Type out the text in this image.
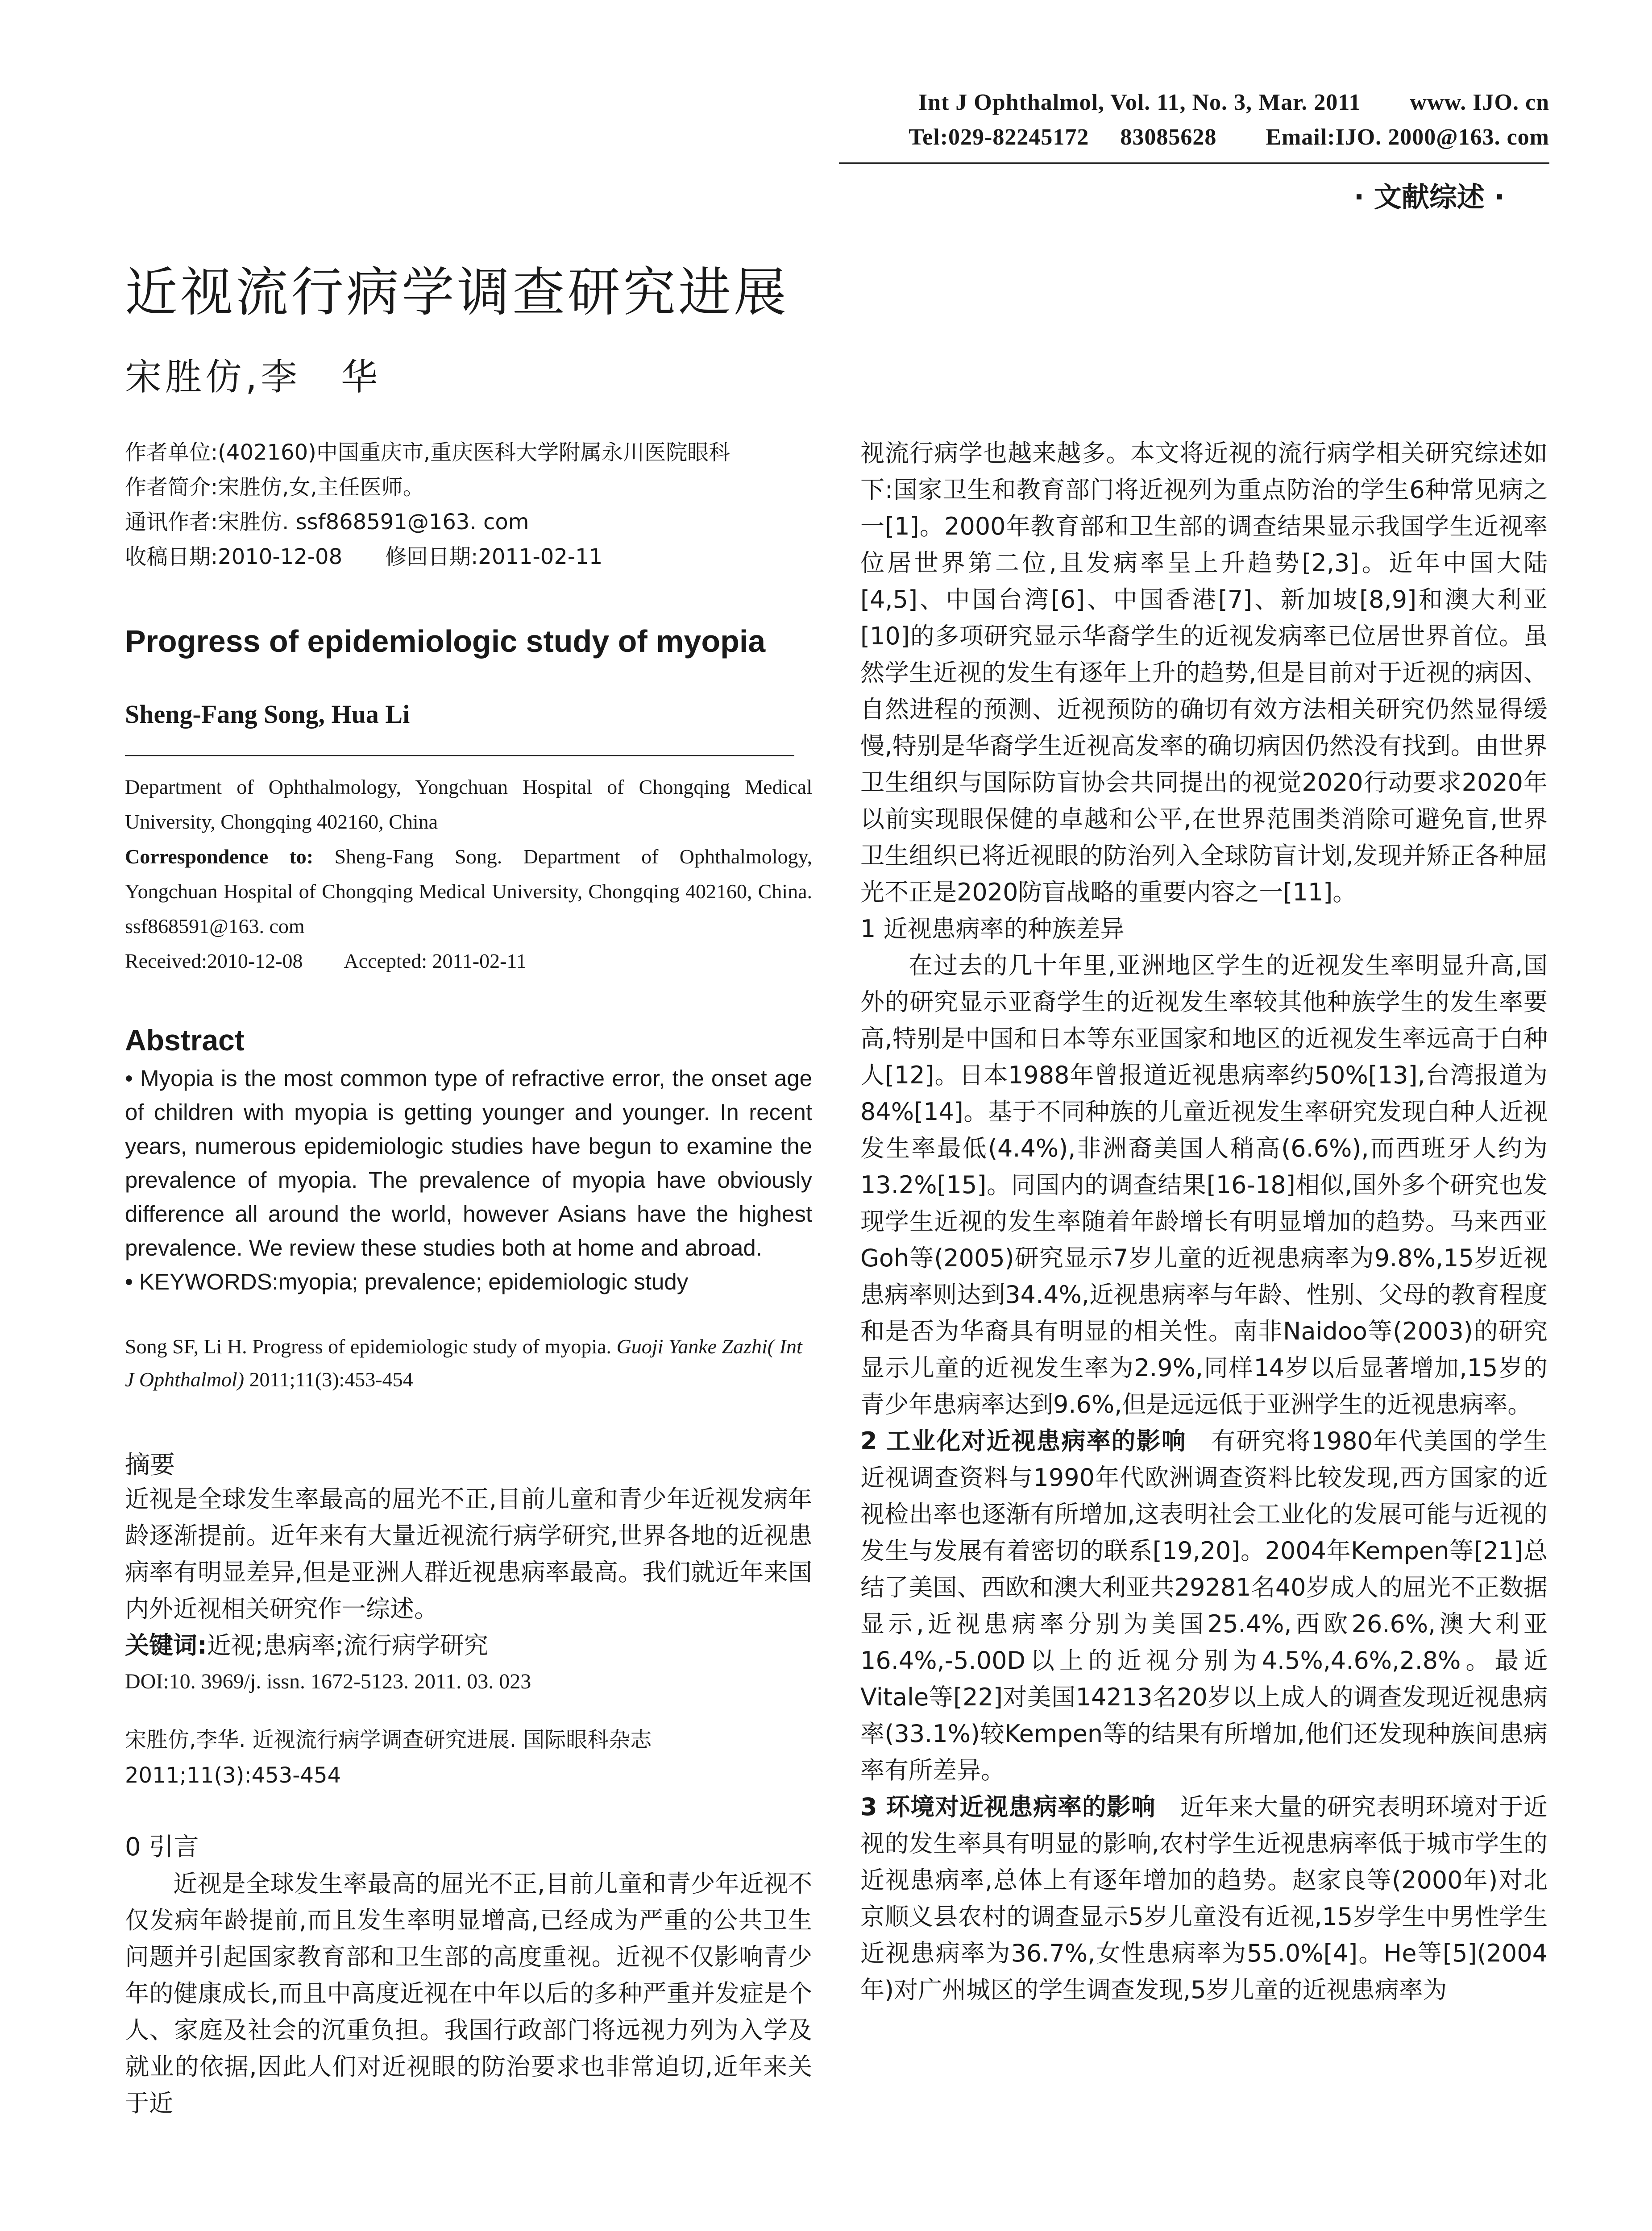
Int J Ophthalmol, Vol. 11, No. 3, Mar. 2011 www. IJO. cn
Tel:029-82245172 83085628 Email:IJO. 2000@163. com
· 文献综述 ·
近视流行病学调查研究进展
宋胜仿,李　华
作者单位:(402160)中国重庆市,重庆医科大学附属永川医院眼科
作者简介:宋胜仿,女,主任医师。
通讯作者:宋胜仿. ssf868591@163. com
收稿日期:2010-12-08　　修回日期:2011-02-11
Progress of epidemiologic study of myopia
Sheng-Fang Song, Hua Li
Department of Ophthalmology, Yongchuan Hospital of Chongqing Medical University, Chongqing 402160, China
Correspondence to: Sheng-Fang Song. Department of Ophthalmology, Yongchuan Hospital of Chongqing Medical University, Chongqing 402160, China. ssf868591@163. com
Received:2010-12-08　　Accepted: 2011-02-11
Abstract
• Myopia is the most common type of refractive error, the onset age of children with myopia is getting younger and younger. In recent years, numerous epidemiologic studies have begun to examine the prevalence of myopia. The prevalence of myopia have obviously difference all around the world, however Asians have the highest prevalence. We review these studies both at home and abroad.
• KEYWORDS:myopia; prevalence; epidemiologic study
Song SF, Li H. Progress of epidemiologic study of myopia. Guoji Yanke Zazhi( Int J Ophthalmol) 2011;11(3):453-454
摘要

近视是全球发生率最高的屈光不正,目前儿童和青少年近视发病年龄逐渐提前。近年来有大量近视流行病学研究,世界各地的近视患病率有明显差异,但是亚洲人群近视患病率最高。我们就近年来国内外近视相关研究作一综述。

关键词:近视;患病率;流行病学研究
DOI:10. 3969/j. issn. 1672-5123. 2011. 03. 023
宋胜仿,李华. 近视流行病学调查研究进展. 国际眼科杂志 2011;11(3):453-454
0 引言

近视是全球发生率最高的屈光不正,目前儿童和青少年近视不仅发病年龄提前,而且发生率明显增高,已经成为严重的公共卫生问题并引起国家教育部和卫生部的高度重视。近视不仅影响青少年的健康成长,而且中高度近视在中年以后的多种严重并发症是个人、家庭及社会的沉重负担。我国行政部门将远视力列为入学及就业的依据,因此人们对近视眼的防治要求也非常迫切,近年来关于近

视流行病学也越来越多。本文将近视的流行病学相关研究综述如下:国家卫生和教育部门将近视列为重点防治的学生6种常见病之一[1]。2000年教育部和卫生部的调查结果显示我国学生近视率位居世界第二位,且发病率呈上升趋势[2,3]。近年中国大陆[4,5]、中国台湾[6]、中国香港[7]、新加坡[8,9]和澳大利亚[10]的多项研究显示华裔学生的近视发病率已位居世界首位。虽然学生近视的发生有逐年上升的趋势,但是目前对于近视的病因、自然进程的预测、近视预防的确切有效方法相关研究仍然显得缓慢,特别是华裔学生近视高发率的确切病因仍然没有找到。由世界卫生组织与国际防盲协会共同提出的视觉2020行动要求2020年以前实现眼保健的卓越和公平,在世界范围类消除可避免盲,世界卫生组织已将近视眼的防治列入全球防盲计划,发现并矫正各种屈光不正是2020防盲战略的重要内容之一[11]。

1 近视患病率的种族差异

在过去的几十年里,亚洲地区学生的近视发生率明显升高,国外的研究显示亚裔学生的近视发生率较其他种族学生的发生率要高,特别是中国和日本等东亚国家和地区的近视发生率远高于白种人[12]。日本1988年曾报道近视患病率约50%[13],台湾报道为84%[14]。基于不同种族的儿童近视发生率研究发现白种人近视发生率最低(4.4%),非洲裔美国人稍高(6.6%),而西班牙人约为13.2%[15]。同国内的调查结果[16-18]相似,国外多个研究也发现学生近视的发生率随着年龄增长有明显增加的趋势。马来西亚Goh等(2005)研究显示7岁儿童的近视患病率为9.8%,15岁近视患病率则达到34.4%,近视患病率与年龄、性别、父母的教育程度和是否为华裔具有明显的相关性。南非Naidoo等(2003)的研究显示儿童的近视发生率为2.9%,同样14岁以后显著增加,15岁的青少年患病率达到9.6%,但是远远低于亚洲学生的近视患病率。

2 工业化对近视患病率的影响　有研究将1980年代美国的学生近视调查资料与1990年代欧洲调查资料比较发现,西方国家的近视检出率也逐渐有所增加,这表明社会工业化的发展可能与近视的发生与发展有着密切的联系[19,20]。2004年Kempen等[21]总结了美国、西欧和澳大利亚共29281名40岁成人的屈光不正数据显示,近视患病率分别为美国25.4%,西欧26.6%,澳大利亚16.4%,-5.00D以上的近视分别为4.5%,4.6%,2.8%。最近Vitale等[22]对美国14213名20岁以上成人的调查发现近视患病率(33.1%)较Kempen等的结果有所增加,他们还发现种族间患病率有所差异。

3 环境对近视患病率的影响　近年来大量的研究表明环境对于近视的发生率具有明显的影响,农村学生近视患病率低于城市学生的近视患病率,总体上有逐年增加的趋势。赵家良等(2000年)对北京顺义县农村的调查显示5岁儿童没有近视,15岁学生中男性学生近视患病率为36.7%,女性患病率为55.0%[4]。He等[5](2004年)对广州城区的学生调查发现,5岁儿童的近视患病率为
